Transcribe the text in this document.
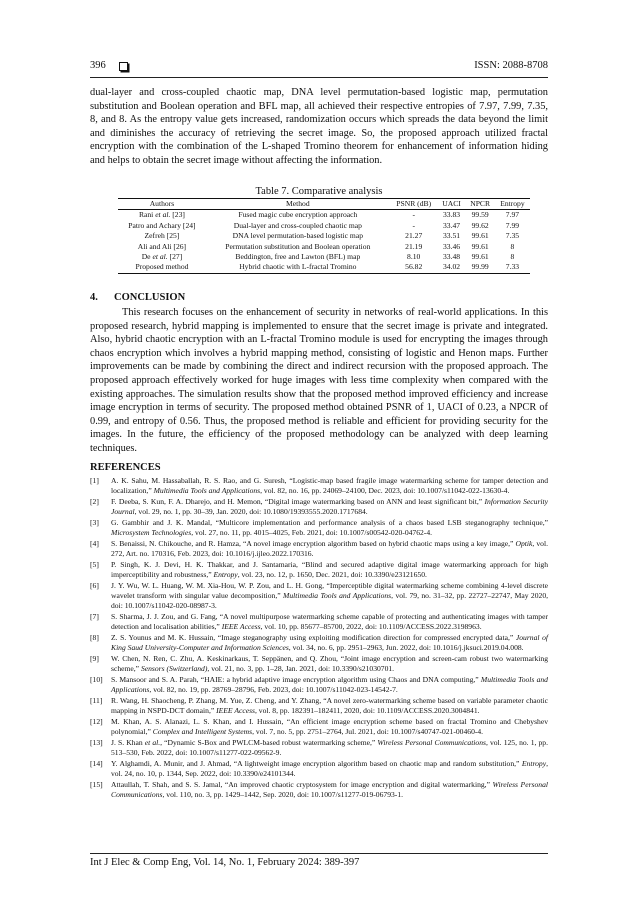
396	ISSN: 2088-8708
dual-layer and cross-coupled chaotic map, DNA level permutation-based logistic map, permutation substitution and Boolean operation and BFL map, all achieved their respective entropies of 7.97, 7.99, 7.35, 8, and 8. As the entropy value gets increased, randomization occurs which spreads the data beyond the limit and diminishes the accuracy of retrieving the secret image. So, the proposed approach utilized fractal encryption with the combination of the L-shaped Tromino theorem for enhancement of information hiding and helps to obtain the secret image without affecting the information.
Table 7. Comparative analysis
Authors	Method	PSNR (dB)	UACI	NPCR	Entropy
Rani et al. [23]	Fused magic cube encryption approach	-	33.83	99.59	7.97
Patro and Achary [24]	Dual-layer and cross-coupled chaotic map	-	33.47	99.62	7.99
Zefreh [25]	DNA level permutation-based logistic map	21.27	33.51	99.61	7.35
Ali and Ali [26]	Permutation substitution and Boolean operation	21.19	33.46	99.61	8
De et al. [27]	Beddington, free and Lawton (BFL) map	8.10	33.48	99.61	8
Proposed method	Hybrid chaotic with L-fractal Tromino	56.82	34.02	99.99	7.33
4. CONCLUSION
This research focuses on the enhancement of security in networks of real-world applications. In this proposed research, hybrid mapping is implemented to ensure that the secret image is private and integrated. Also, hybrid chaotic encryption with an L-fractal Tromino module is used for encrypting the images through chaos encryption which involves a hybrid mapping method, consisting of logistic and Henon maps. Further improvements can be made by combining the direct and indirect recursion with the proposed approach. The proposed approach effectively worked for huge images with less time complexity when compared with the existing approaches. The simulation results show that the proposed method improved efficiency and increase image encryption in terms of security. The proposed method obtained PSNR of 1, UACI of 0.23, a NPCR of 0.99, and entropy of 0.56. Thus, the proposed method is reliable and efficient for providing security for the images. In the future, the efficiency of the proposed methodology can be analyzed with deep learning techniques.
REFERENCES
[1] A. K. Sahu, M. Hassaballah, R. S. Rao, and G. Suresh, “Logistic-map based fragile image watermarking scheme for tamper detection and localization,” Multimedia Tools and Applications, vol. 82, no. 16, pp. 24069–24100, Dec. 2023, doi: 10.1007/s11042-022-13630-4.
[2] F. Deeba, S. Kun, F. A. Dharejo, and H. Memon, “Digital image watermarking based on ANN and least significant bit,” Information Security Journal, vol. 29, no. 1, pp. 30–39, Jan. 2020, doi: 10.1080/19393555.2020.1717684.
[3] G. Gambhir and J. K. Mandal, “Multicore implementation and performance analysis of a chaos based LSB steganography technique,” Microsystem Technologies, vol. 27, no. 11, pp. 4015–4025, Feb. 2021, doi: 10.1007/s00542-020-04762-4.
[4] S. Benaissi, N. Chikouche, and R. Hamza, “A novel image encryption algorithm based on hybrid chaotic maps using a key image,” Optik, vol. 272, Art. no. 170316, Feb. 2023, doi: 10.1016/j.ijleo.2022.170316.
[5] P. Singh, K. J. Devi, H. K. Thakkar, and J. Santamaria, “Blind and secured adaptive digital image watermarking approach for high imperceptibility and robustness,” Entropy, vol. 23, no. 12, p. 1650, Dec. 2021, doi: 10.3390/e23121650.
[6] J. Y. Wu, W. L. Huang, W. M. Xia-Hou, W. P. Zou, and L. H. Gong, “Imperceptible digital watermarking scheme combining 4-level discrete wavelet transform with singular value decomposition,” Multimedia Tools and Applications, vol. 79, no. 31–32, pp. 22727–22747, May 2020, doi: 10.1007/s11042-020-08987-3.
[7] S. Sharma, J. J. Zou, and G. Fang, “A novel multipurpose watermarking scheme capable of protecting and authenticating images with tamper detection and localisation abilities,” IEEE Access, vol. 10, pp. 85677–85700, 2022, doi: 10.1109/ACCESS.2022.3198963.
[8] Z. S. Younus and M. K. Hussain, “Image steganography using exploiting modification direction for compressed encrypted data,” Journal of King Saud University-Computer and Information Sciences, vol. 34, no. 6, pp. 2951–2963, Jun. 2022, doi: 10.1016/j.jksuci.2019.04.008.
[9] W. Chen, N. Ren, C. Zhu, A. Keskinarkaus, T. Seppänen, and Q. Zhou, “Joint image encryption and screen-cam robust two watermarking scheme,” Sensors (Switzerland), vol. 21, no. 3, pp. 1–28, Jan. 2021, doi: 10.3390/s21030701.
[10] S. Mansoor and S. A. Parah, “HAIE: a hybrid adaptive image encryption algorithm using Chaos and DNA computing,” Multimedia Tools and Applications, vol. 82, no. 19, pp. 28769–28796, Feb. 2023, doi: 10.1007/s11042-023-14542-7.
[11] R. Wang, H. Shaocheng, P. Zhang, M. Yue, Z. Cheng, and Y. Zhang, “A novel zero-watermarking scheme based on variable parameter chaotic mapping in NSPD-DCT domain,” IEEE Access, vol. 8, pp. 182391–182411, 2020, doi: 10.1109/ACCESS.2020.3004841.
[12] M. Khan, A. S. Alanazi, L. S. Khan, and I. Hussain, “An efficient image encryption scheme based on fractal Tromino and Chebyshev polynomial,” Complex and Intelligent Systems, vol. 7, no. 5, pp. 2751–2764, Jul. 2021, doi: 10.1007/s40747-021-00460-4.
[13] J. S. Khan et al., “Dynamic S-Box and PWLCM-based robust watermarking scheme,” Wireless Personal Communications, vol. 125, no. 1, pp. 513–530, Feb. 2022, doi: 10.1007/s11277-022-09562-9.
[14] Y. Alghamdi, A. Munir, and J. Ahmad, “A lightweight image encryption algorithm based on chaotic map and random substitution,” Entropy, vol. 24, no. 10, p. 1344, Sep. 2022, doi: 10.3390/e24101344.
[15] Attaullah, T. Shah, and S. S. Jamal, “An improved chaotic cryptosystem for image encryption and digital watermarking,” Wireless Personal Communications, vol. 110, no. 3, pp. 1429–1442, Sep. 2020, doi: 10.1007/s11277-019-06793-1.
Int J Elec & Comp Eng, Vol. 14, No. 1, February 2024: 389-397
